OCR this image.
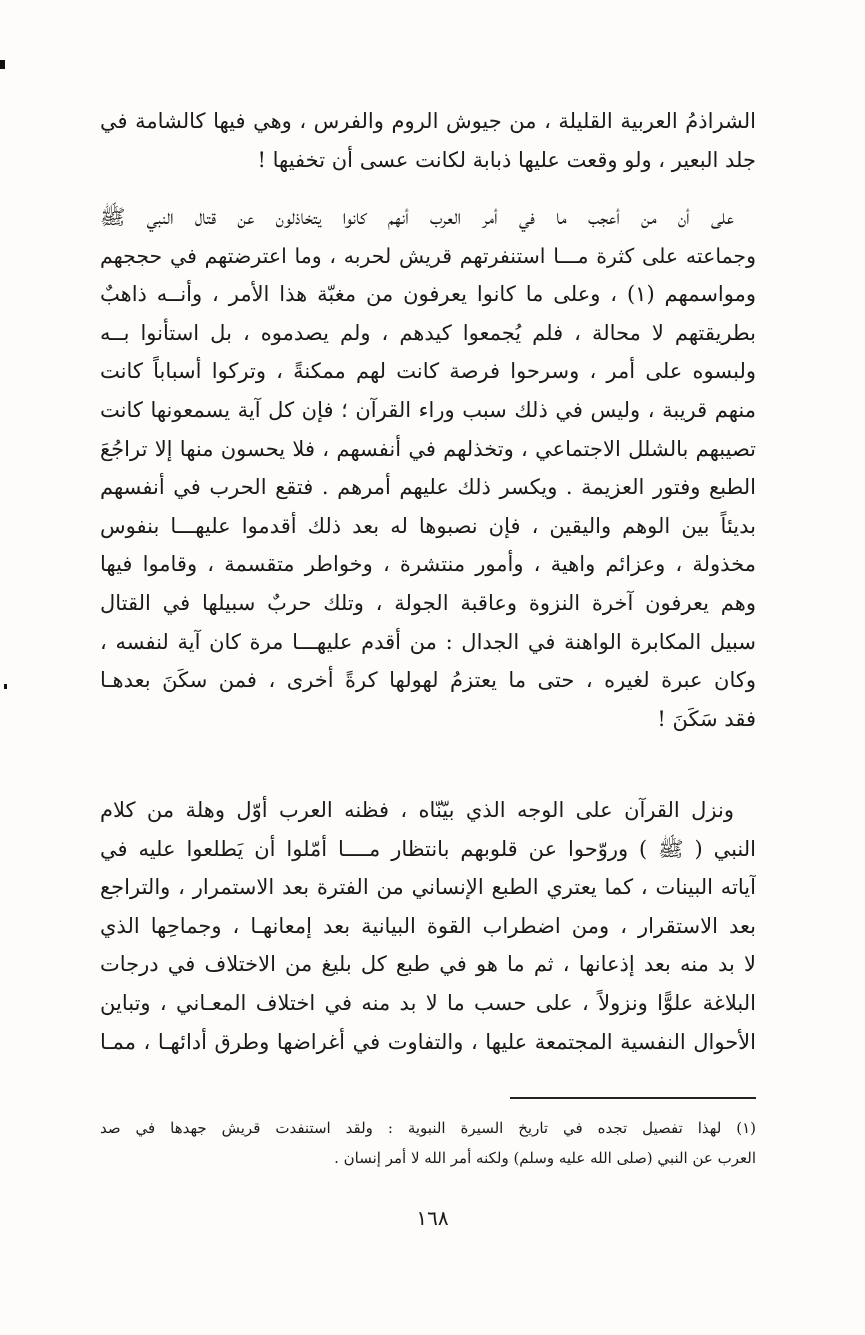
الشراذمُ العربية القليلة ، من جيوش الروم والفرس ، وهي فيها كالشامة في
جلد البعير ، ولو وقعت عليها ذبابة لكانت عسى أن تخفيها !
على أن من أعجب ما في أمر العرب أنهم كانوا يتخاذلون عن قتال النبي ﷺ
وجماعته على كثرة مـــا استنفرتهم قريش لحربه ، وما اعترضتهم في حججهم
ومواسمهم (١) ، وعلى ما كانوا يعرفون من مغبّة هذا الأمر ، وأنــه ذاهبٌ
بطريقتهم لا محالة ، فلم يُجمعوا كيدهم ، ولم يصدموه ، بل استأنوا بــه
ولبسوه على أمر ، وسرحوا فرصة كانت لهم ممكنةً ، وتركوا أسباباً كانت
منهم قريبة ، وليس في ذلك سبب وراء القرآن ؛ فإن كل آية يسمعونها كانت
تصيبهم بالشلل الاجتماعي ، وتخذلهم في أنفسهم ، فلا يحسون منها إلا تراجُعَ
الطبع وفتور العزيمة . ويكسر ذلك عليهم أمرهم . فتقع الحرب في أنفسهم
بديئاً بين الوهم واليقين ، فإن نصبوها له بعد ذلك أقدموا عليهـــا بنفوس
مخذولة ، وعزائم واهية ، وأمور منتشرة ، وخواطر متقسمة ، وقاموا فيها
وهم يعرفون آخرة النزوة وعاقبة الجولة ، وتلك حربٌ سبيلها في القتال
سبيل المكابرة الواهنة في الجدال : من أقدم عليهـــا مرة كان آية لنفسه ،
وكان عبرة لغيره ، حتى ما يعتزمُ لهولها كرةً أخرى ، فمن سكَنَ بعدهـا
فقد سَكَنَ !
ونزل القرآن على الوجه الذي بيّنّاه ، فظنه العرب أوّل وهلة من كلام
النبي ( ﷺ ) وروّحوا عن قلوبهم بانتظار مــــا أمّلوا أن يَطلعوا عليه في
آياته البينات ، كما يعتري الطبع الإنساني من الفترة بعد الاستمرار ، والتراجع
بعد الاستقرار ، ومن اضطراب القوة البيانية بعد إمعانهـا ، وجماحِها الذي
لا بد منه بعد إذعانها ، ثم ما هو في طبع كل بليغ من الاختلاف في درجات
البلاغة علوًّا ونزولاً ، على حسب ما لا بد منه في اختلاف المعـاني ، وتباين
الأحوال النفسية المجتمعة عليها ، والتفاوت في أغراضها وطرق أدائهـا ، ممـا
(١) لهذا تفصيل تجده في تاريخ السيرة النبوية : ولقد استنفدت قريش جهدها في صد
العرب عن النبي (صلى الله عليه وسلم) ولكنه أمر الله لا أمر إنسان .
١٦٨
